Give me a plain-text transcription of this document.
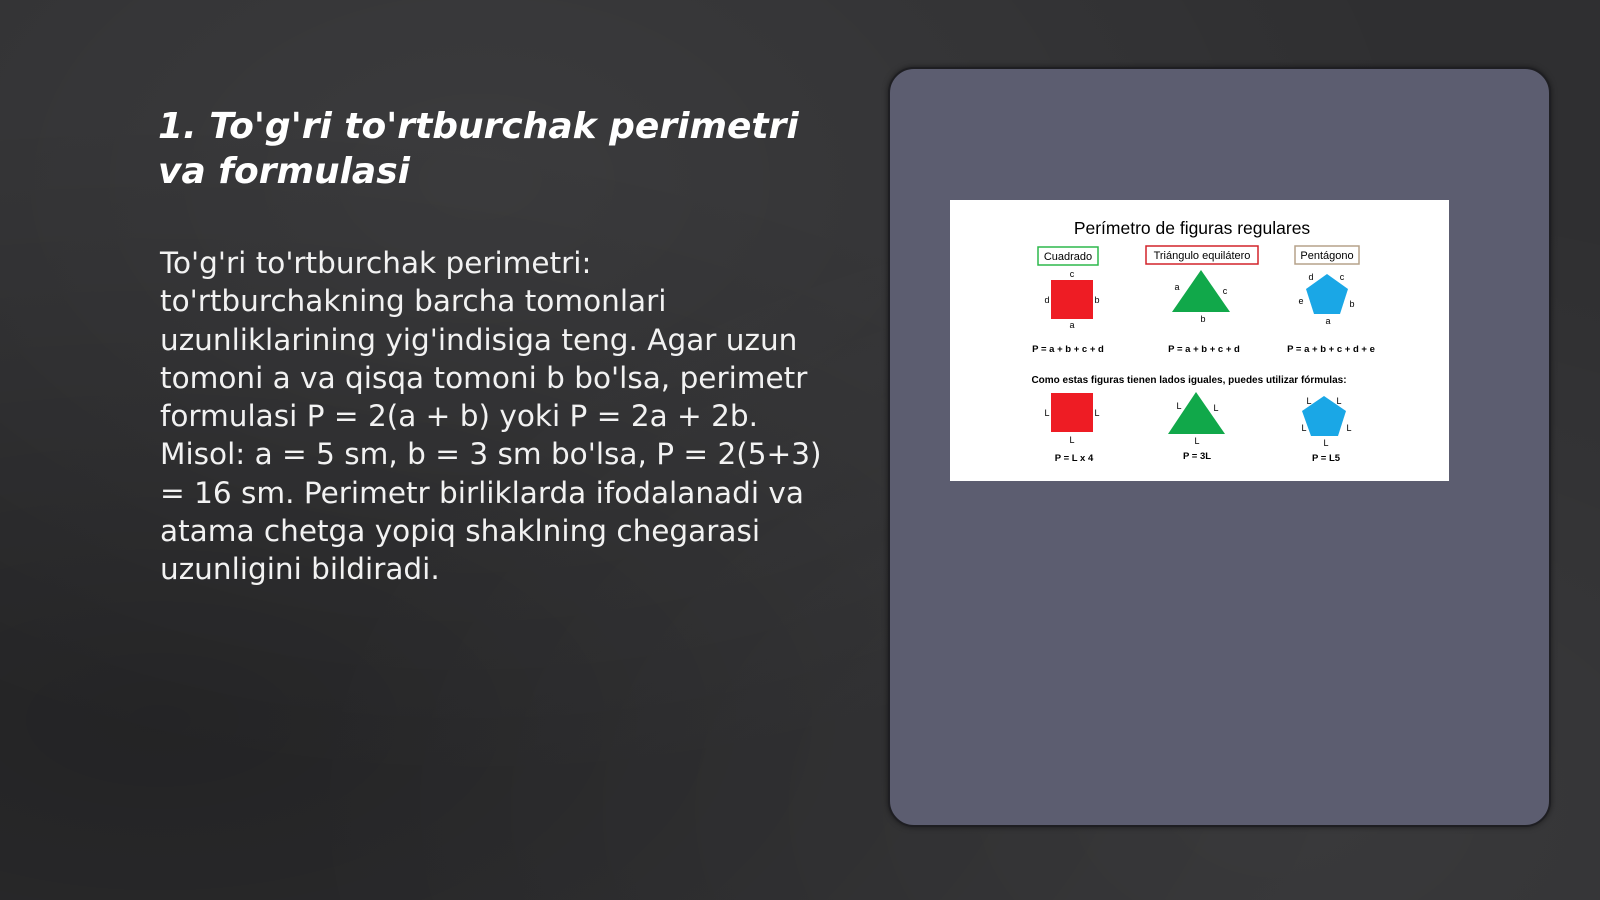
1. To'g'ri to'rtburchak perimetri va formulasi

To'g'ri to'rtburchak perimetri: to'rtburchakning barcha tomonlari uzunliklarining yig'indisiga teng. Agar uzun tomoni a va qisqa tomoni b bo'lsa, perimetr formulasi P = 2(a + b) yoki P = 2a + 2b. Misol: a = 5 sm, b = 3 sm bo'lsa, P = 2(5+3) = 16 sm. Perimetr birliklarda ifodalanadi va atama chetga yopiq shaklning chegarasi uzunligini bildiradi.

Perímetro de figuras regulares
Cuadrado	Triángulo equilátero	Pentágono
c
d	b
a
a	c
b
d	c
e	b
a
P = a + b + c + d	P = a + b + c + d	P = a + b + c + d + e
Como estas figuras tienen lados iguales, puedes utilizar fórmulas:
L	L
L
L	L
L
L	L
L	L
L
P = L x 4	P = 3L	P = L5
